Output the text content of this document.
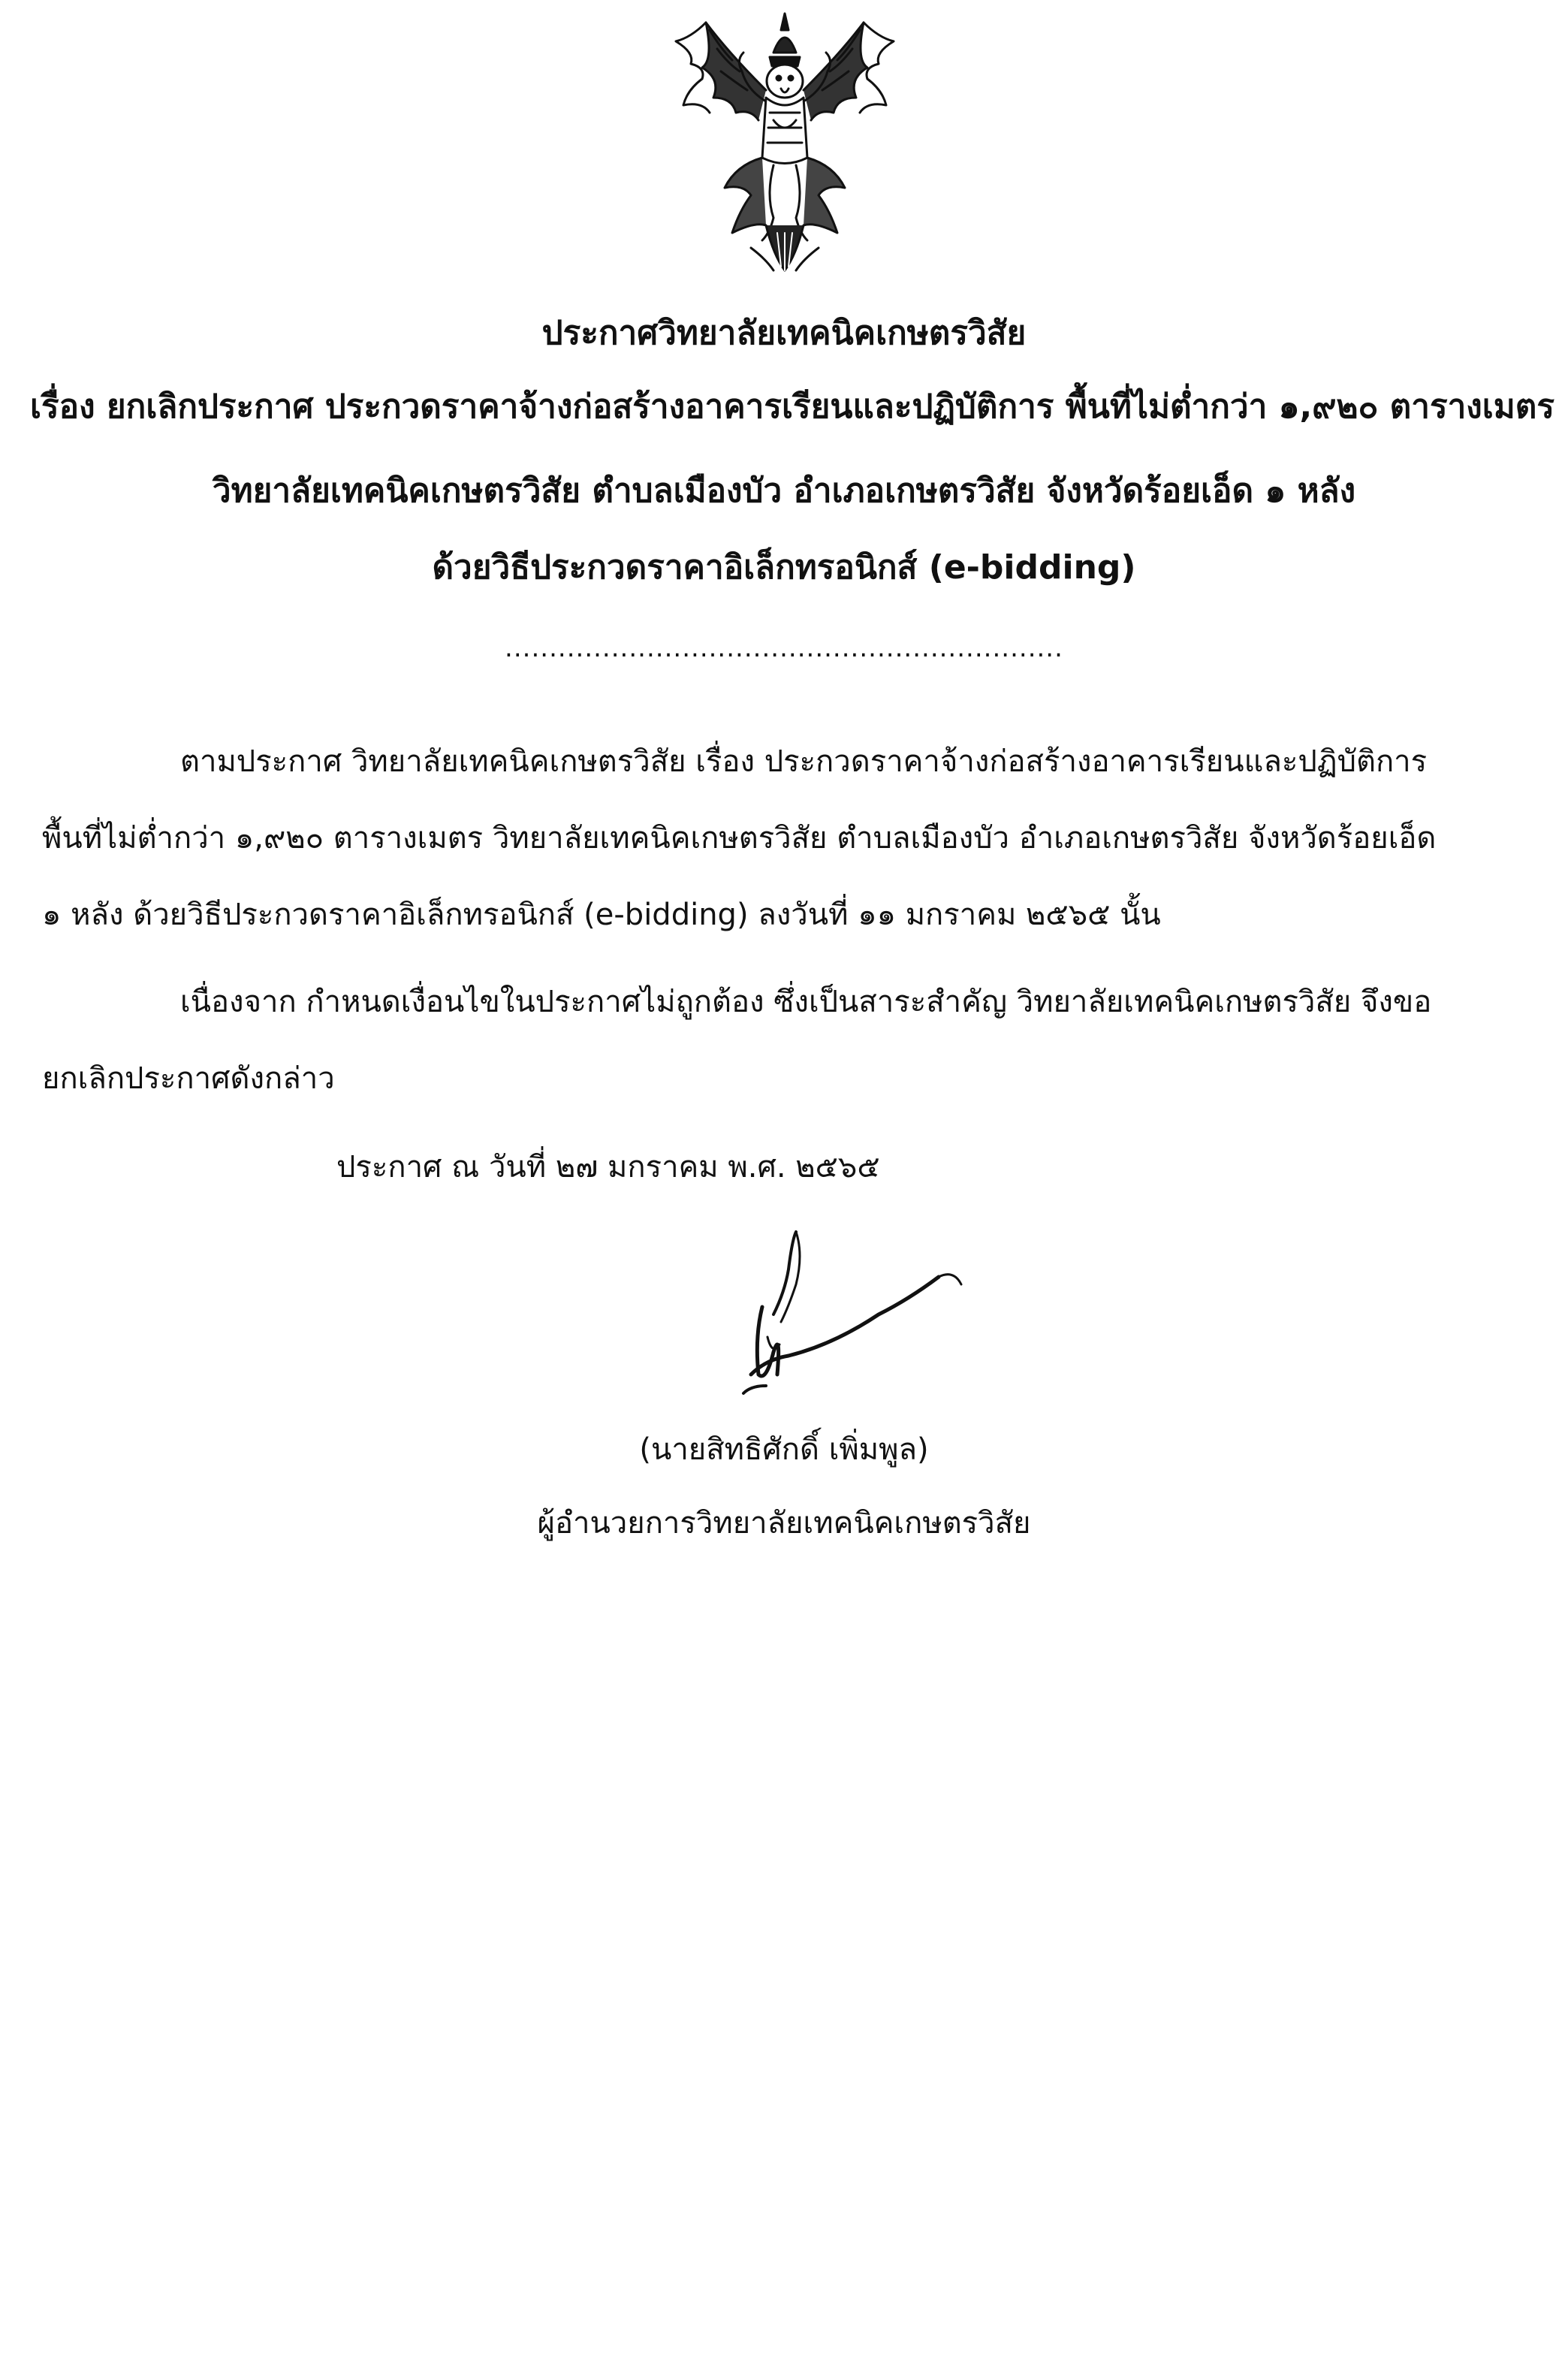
ประกาศวิทยาลัยเทคนิคเกษตรวิสัย
เรื่อง ยกเลิกประกาศ ประกวดราคาจ้างก่อสร้างอาคารเรียนและปฏิบัติการ พื้นที่ไม่ต่ำกว่า ๑,๙๒๐ ตารางเมตร
วิทยาลัยเทคนิคเกษตรวิสัย ตำบลเมืองบัว อำเภอเกษตรวิสัย จังหวัดร้อยเอ็ด ๑ หลัง
ด้วยวิธีประกวดราคาอิเล็กทรอนิกส์ (e-bidding)
...............................................................
ตามประกาศ วิทยาลัยเทคนิคเกษตรวิสัย เรื่อง ประกวดราคาจ้างก่อสร้างอาคารเรียนและปฏิบัติการ
พื้นที่ไม่ต่ำกว่า ๑,๙๒๐ ตารางเมตร วิทยาลัยเทคนิคเกษตรวิสัย ตำบลเมืองบัว อำเภอเกษตรวิสัย จังหวัดร้อยเอ็ด
๑ หลัง ด้วยวิธีประกวดราคาอิเล็กทรอนิกส์ (e-bidding) ลงวันที่ ๑๑ มกราคม ๒๕๖๕ นั้น
เนื่องจาก กำหนดเงื่อนไขในประกาศไม่ถูกต้อง ซึ่งเป็นสาระสำคัญ วิทยาลัยเทคนิคเกษตรวิสัย จึงขอ
ยกเลิกประกาศดังกล่าว
ประกาศ ณ วันที่ ๒๗ มกราคม พ.ศ. ๒๕๖๕
(นายสิทธิศักดิ์ เพิ่มพูล)
ผู้อำนวยการวิทยาลัยเทคนิคเกษตรวิสัย
